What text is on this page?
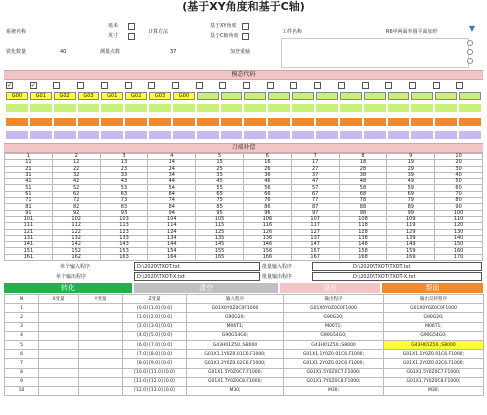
(基于XY角度和基于C轴)
系统名称
毫米
英寸
计算方法
基于XY角度
基于C轴角度
工件名称	R6甲两面外圆平面加形	▼
铣化数量	40	测量点数	37	加登重轴
模态代码
✓	✓
G00	G01	G02	G03	G01	G02	G03	G00
刀端补偿
1	2	3	4	5	6	7	8	9	10
11	12	13	14	15	16	17	18	19	20
21	22	23	24	25	26	27	28	29	30
31	32	33	34	35	36	37	38	39	40
41	42	43	44	45	46	47	48	49	50
51	52	53	54	55	56	57	58	59	60
61	62	63	64	65	66	67	68	69	70
71	72	73	74	75	76	77	78	79	80
81	82	83	84	85	86	87	88	89	90
91	92	93	94	95	96	97	98	99	100
101	102	103	104	105	106	107	108	109	110
111	112	113	114	115	116	117	118	119	120
121	122	123	124	125	126	127	128	129	130
131	132	133	134	135	136	137	138	139	140
141	142	143	144	145	146	147	148	149	150
151	152	153	154	155	156	157	158	159	160
161	162	163	164	165	166	167	168	169	170
单个输入程序	D:\2020\TXOT.txt
单个输出程序	D:\2020\TXOT-X.txt
批量输入程序	D:\2020\TXOT\TXOT.txt
批量输出程序	D:\2020\TXOT\TXOT-X.txt
转化	清空	退出	帮助
N	X变量	Y变量	Z变量	输入程序	输出程序	输出反转程序
1			[0.0] [1.0] [0.0]	G01X0Y0Z0C0F1000	G01X0Y0Z0C0F1000	G01X0Y0Z0C0F1000
2			[1.0] [2.0] [0.0]	G90G20;	G90G20;	G90G20;
3			[2.0] [3.0] [0.0]	M06T1;	M06T1;	M06T1;
4			[4.0] [5.0] [0.0]	G90G54G0;	G90G54G0;	G90G54G0;
5			[6.0] [7.0] [0.0]	G43H01Z50.;S8000	G43H01Z50.;S8000	G43H01Z50.;S8000
6			[7.0] [8.0] [0.0]	G01X1.1Y0Z0.01C6.F1000;	G01X1.1Y0Z0.01C6.F1000;	G01X1.1Y0Z0.01C6.F1000;
7			[8.0] [9.0] [0.0]	G01X1.2Y0Z0.02C6.F1000;	G01X1.2Y0Z0.02C6.F1000;	G01X1.2Y0Z0.02C6.F1000;
8			[10.0] [11.0] [0.0]	G01X1.5Y0Z0C7.F1000;	G01X1.5Y0Z0C7.F1000;	G01X1.5Y0Z0C7.F1000;
9			[11.0] [12.0] [0.0]	G01X1.7Y0Z0C8.F1000;	G01X1.7Y0Z0C8.F1000;	G01X1.7Y0Z0C8.F1000;
10			[12.0] [13.0] [0.0]	M30;	M30;	M30;
